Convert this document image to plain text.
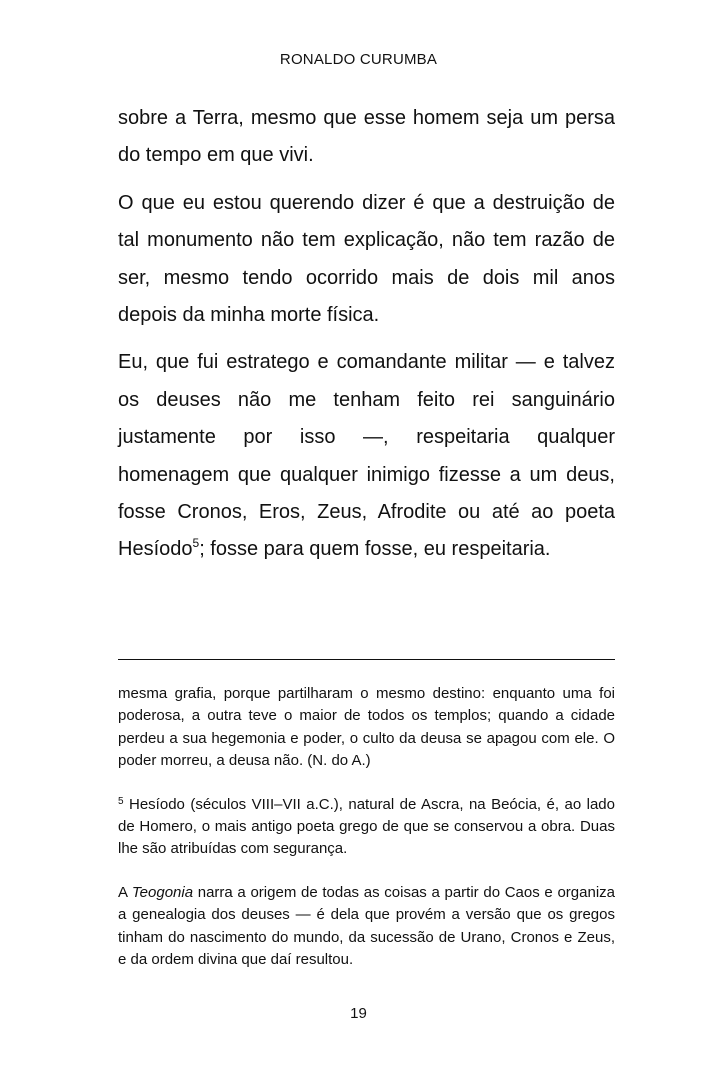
RONALDO CURUMBA

sobre a Terra, mesmo que esse homem seja um persa do tempo em que vivi.

O que eu estou querendo dizer é que a destruição de tal monumento não tem explicação, não tem razão de ser, mesmo tendo ocorrido mais de dois mil anos depois da minha morte física.

Eu, que fui estratego e comandante militar — e talvez os deuses não me tenham feito rei sanguinário justamente por isso —, respeitaria qualquer homenagem que qualquer inimigo fizesse a um deus, fosse Cronos, Eros, Zeus, Afrodite ou até ao poeta Hesíodo$^5$; fosse para quem fosse, eu respeitaria.

mesma grafia, porque partilharam o mesmo destino: enquanto uma foi poderosa, a outra teve o maior de todos os templos; quando a cidade perdeu a sua hegemonia e poder, o culto da deusa se apagou com ele. O poder morreu, a deusa não. (N. do A.)

$^5$ Hesíodo (séculos VIII–VII a.C.), natural de Ascra, na Beócia, é, ao lado de Homero, o mais antigo poeta grego de que se conservou a obra. Duas lhe são atribuídas com segurança.

A Teogonia narra a origem de todas as coisas a partir do Caos e organiza a genealogia dos deuses — é dela que provém a versão que os gregos tinham do nascimento do mundo, da sucessão de Urano, Cronos e Zeus, e da ordem divina que daí resultou.

19
